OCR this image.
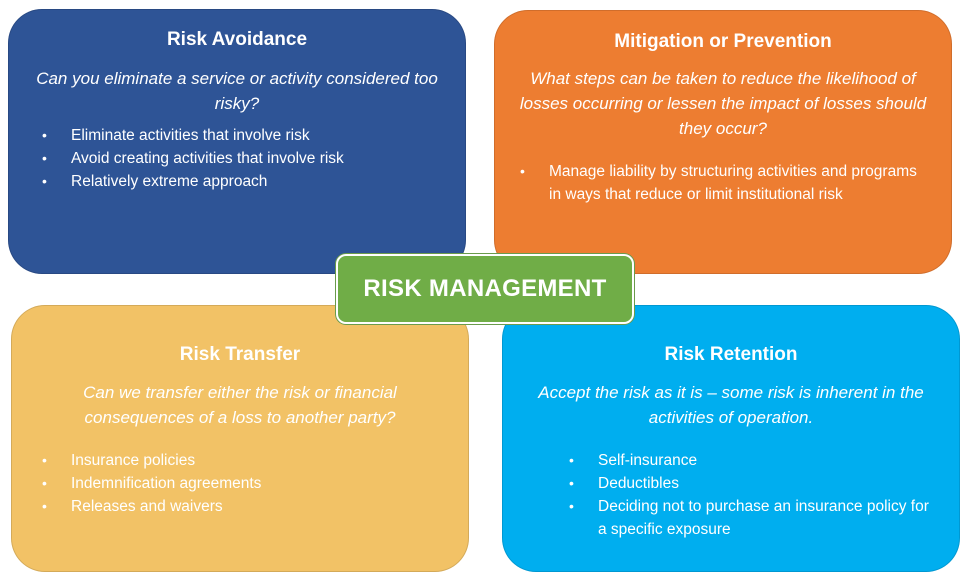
Risk Avoidance

Can you eliminate a service or activity considered too risky?

• Eliminate activities that involve risk
• Avoid creating activities that involve risk
• Relatively extreme approach
Mitigation or Prevention

What steps can be taken to reduce the likelihood of losses occurring or lessen the impact of losses should they occur?

• Manage liability by structuring activities and programs in ways that reduce or limit institutional risk
Risk Transfer

Can we transfer either the risk or financial consequences of a loss to another party?

• Insurance policies
• Indemnification agreements
• Releases and waivers
Risk Retention

Accept the risk as it is – some risk is inherent in the activities of operation.

• Self-insurance
• Deductibles
• Deciding not to purchase an insurance policy for a specific exposure
RISK MANAGEMENT
